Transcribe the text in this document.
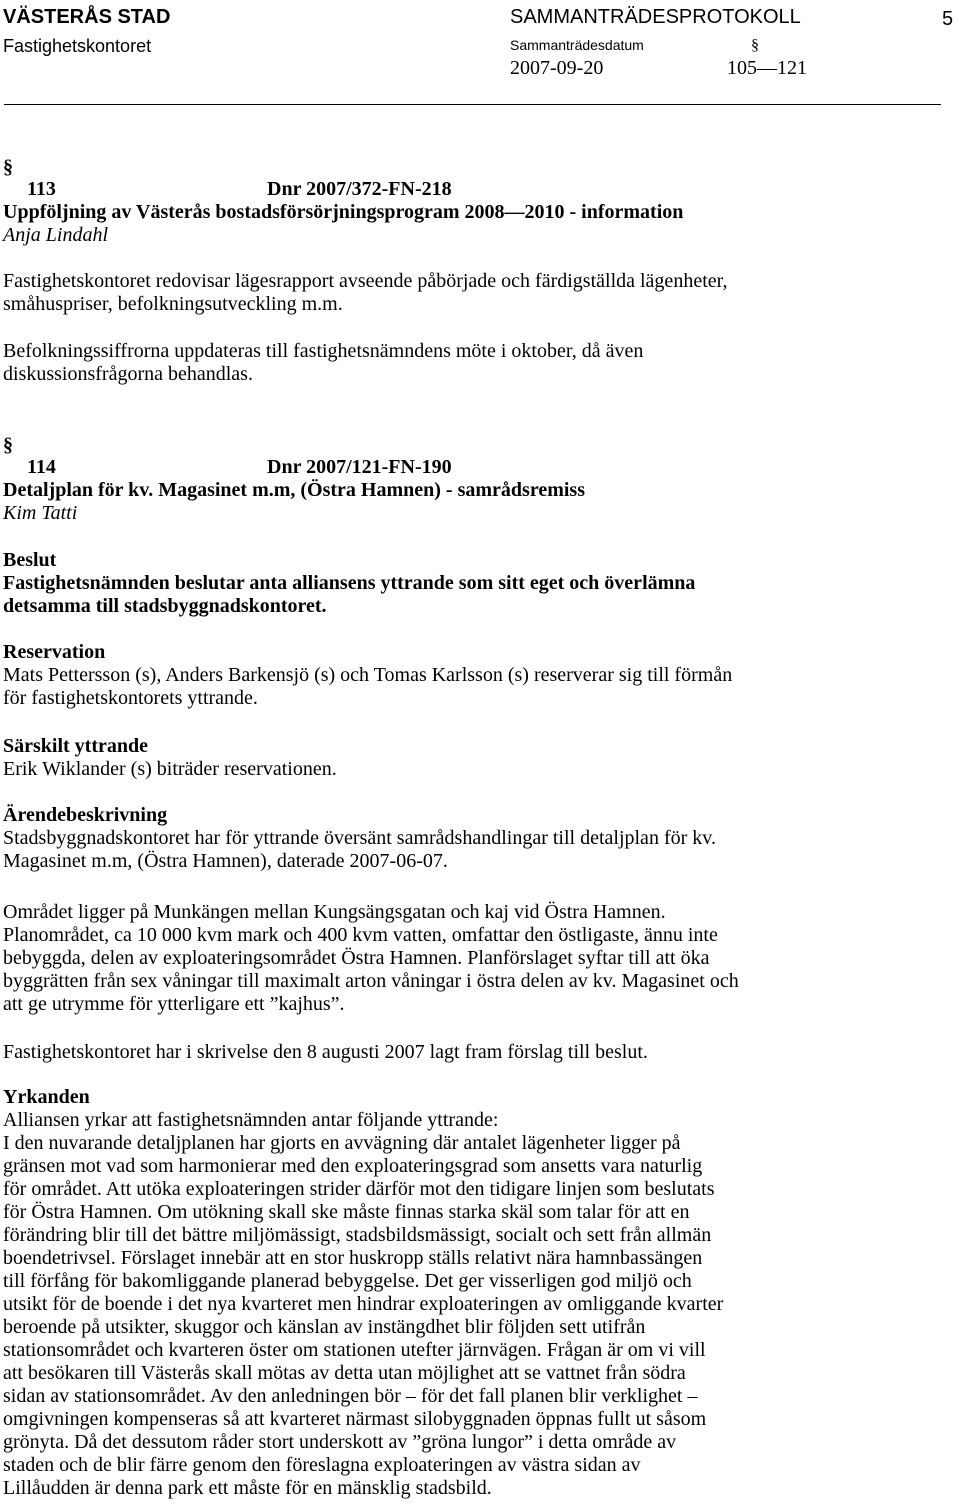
VÄSTERÅS STAD
Fastighetskontoret
SAMMANTRÄDESPROTOKOLL
Sammanträdesdatum	§
2007-09-20	105—121
5
§
113	Dnr 2007/372-FN-218
Uppföljning av Västerås bostadsförsörjningsprogram 2008—2010 - information
Anja Lindahl
Fastighetskontoret redovisar lägesrapport avseende påbörjade och färdigställda lägenheter,
småhuspriser, befolkningsutveckling m.m.
Befolkningssiffrorna uppdateras till fastighetsnämndens möte i oktober, då även
diskussionsfrågorna behandlas.
§
114	Dnr 2007/121-FN-190
Detaljplan för kv. Magasinet m.m, (Östra Hamnen) - samrådsremiss
Kim Tatti
Beslut
Fastighetsnämnden beslutar anta alliansens yttrande som sitt eget och överlämna
detsamma till stadsbyggnadskontoret.
Reservation
Mats Pettersson (s), Anders Barkensjö (s) och Tomas Karlsson (s) reserverar sig till förmån
för fastighetskontorets yttrande.
Särskilt yttrande
Erik Wiklander (s) biträder reservationen.
Ärendebeskrivning
Stadsbyggnadskontoret har för yttrande översänt samrådshandlingar till detaljplan för kv.
Magasinet m.m, (Östra Hamnen), daterade 2007-06-07.
Området ligger på Munkängen mellan Kungsängsgatan och kaj vid Östra Hamnen.
Planområdet, ca 10 000 kvm mark och 400 kvm vatten, omfattar den östligaste, ännu inte
bebyggda, delen av exploateringsområdet Östra Hamnen. Planförslaget syftar till att öka
byggrätten från sex våningar till maximalt arton våningar i östra delen av kv. Magasinet och
att ge utrymme för ytterligare ett ”kajhus”.
Fastighetskontoret har i skrivelse den 8 augusti 2007 lagt fram förslag till beslut.
Yrkanden
Alliansen yrkar att fastighetsnämnden antar följande yttrande:
I den nuvarande detaljplanen har gjorts en avvägning där antalet lägenheter ligger på
gränsen mot vad som harmonierar med den exploateringsgrad som ansetts vara naturlig
för området. Att utöka exploateringen strider därför mot den tidigare linjen som beslutats
för Östra Hamnen. Om utökning skall ske måste finnas starka skäl som talar för att en
förändring blir till det bättre miljömässigt, stadsbildsmässigt, socialt och sett från allmän
boendetrivsel. Förslaget innebär att en stor huskropp ställs relativt nära hamnbassängen
till förfång för bakomliggande planerad bebyggelse. Det ger visserligen god miljö och
utsikt för de boende i det nya kvarteret men hindrar exploateringen av omliggande kvarter
beroende på utsikter, skuggor och känslan av instängdhet blir följden sett utifrån
stationsområdet och kvarteren öster om stationen utefter järnvägen. Frågan är om vi vill
att besökaren till Västerås skall mötas av detta utan möjlighet att se vattnet från södra
sidan av stationsområdet. Av den anledningen bör – för det fall planen blir verklighet –
omgivningen kompenseras så att kvarteret närmast silobyggnaden öppnas fullt ut såsom
grönyta. Då det dessutom råder stort underskott av ”gröna lungor” i detta område av
staden och de blir färre genom den föreslagna exploateringen av västra sidan av
Lillåudden är denna park ett måste för en mänsklig stadsbild.
